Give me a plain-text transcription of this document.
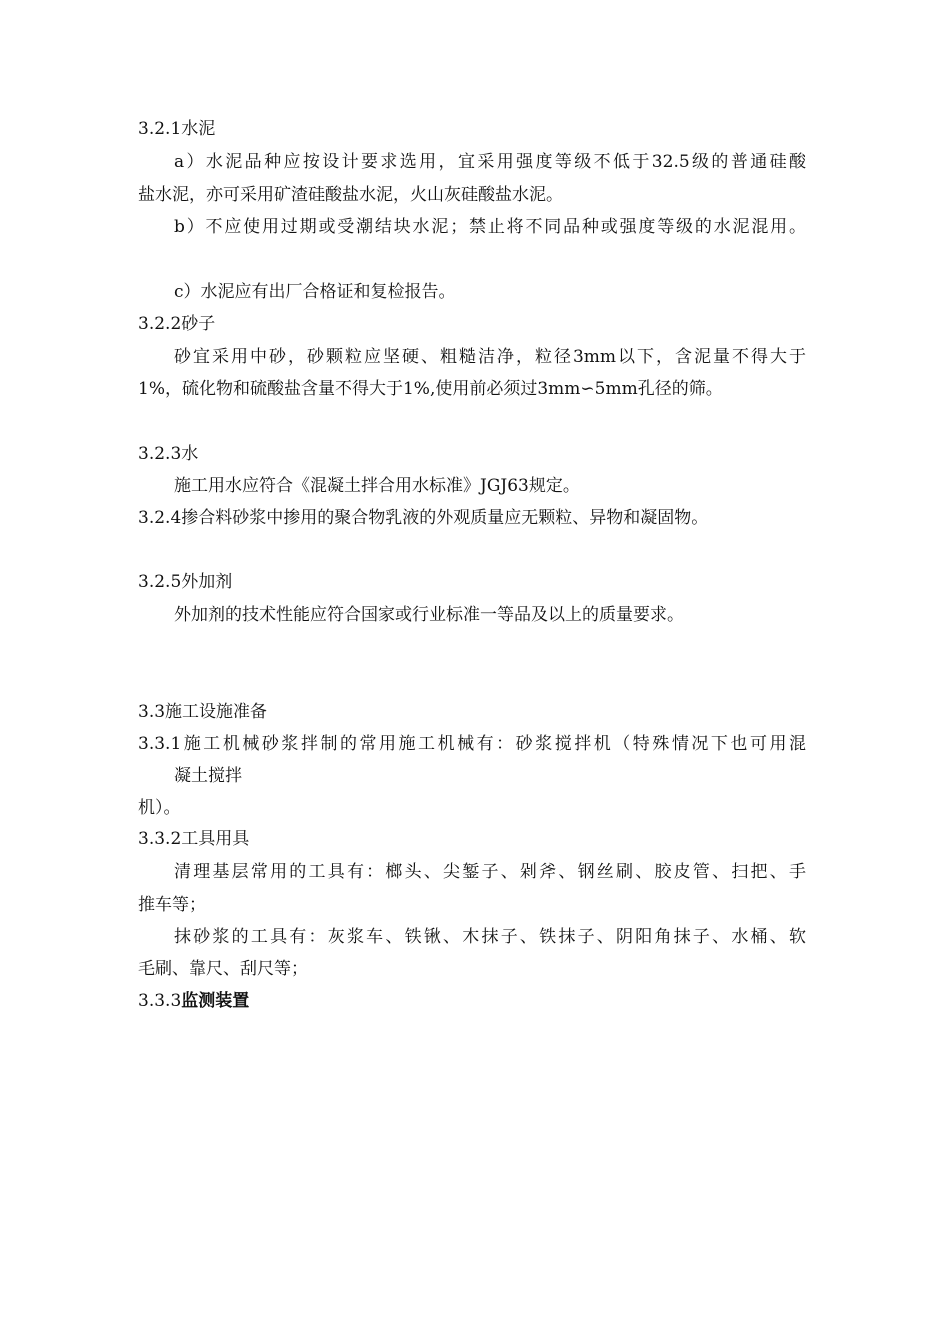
3.2.1水泥
a）水泥品种应按设计要求选用，宜采用强度等级不低于32.5级的普通硅酸
盐水泥，亦可采用矿渣硅酸盐水泥，火山灰硅酸盐水泥。
b）不应使用过期或受潮结块水泥；禁止将不同品种或强度等级的水泥混用。
c）水泥应有出厂合格证和复检报告。
3.2.2砂子
砂宜采用中砂，砂颗粒应坚硬、粗糙洁净，粒径3mm以下，含泥量不得大于
1%，硫化物和硫酸盐含量不得大于1%,使用前必须过3mm∽5mm孔径的筛。
3.2.3水
施工用水应符合《混凝土拌合用水标准》JGJ63规定。
3.2.4掺合料砂浆中掺用的聚合物乳液的外观质量应无颗粒、异物和凝固物。
3.2.5外加剂
外加剂的技术性能应符合国家或行业标准一等品及以上的质量要求。
3.3施工设施准备
3.3.1施工机械砂浆拌制的常用施工机械有：砂浆搅拌机（特殊情况下也可用混
凝土搅拌
机）。
3.3.2工具用具
清理基层常用的工具有：榔头、尖錾子、剁斧、钢丝刷、胶皮管、扫把、手
推车等；
抹砂浆的工具有：灰浆车、铁锹、木抹子、铁抹子、阴阳角抹子、水桶、软
毛刷、靠尺、刮尺等；
3.3.3监测装置
